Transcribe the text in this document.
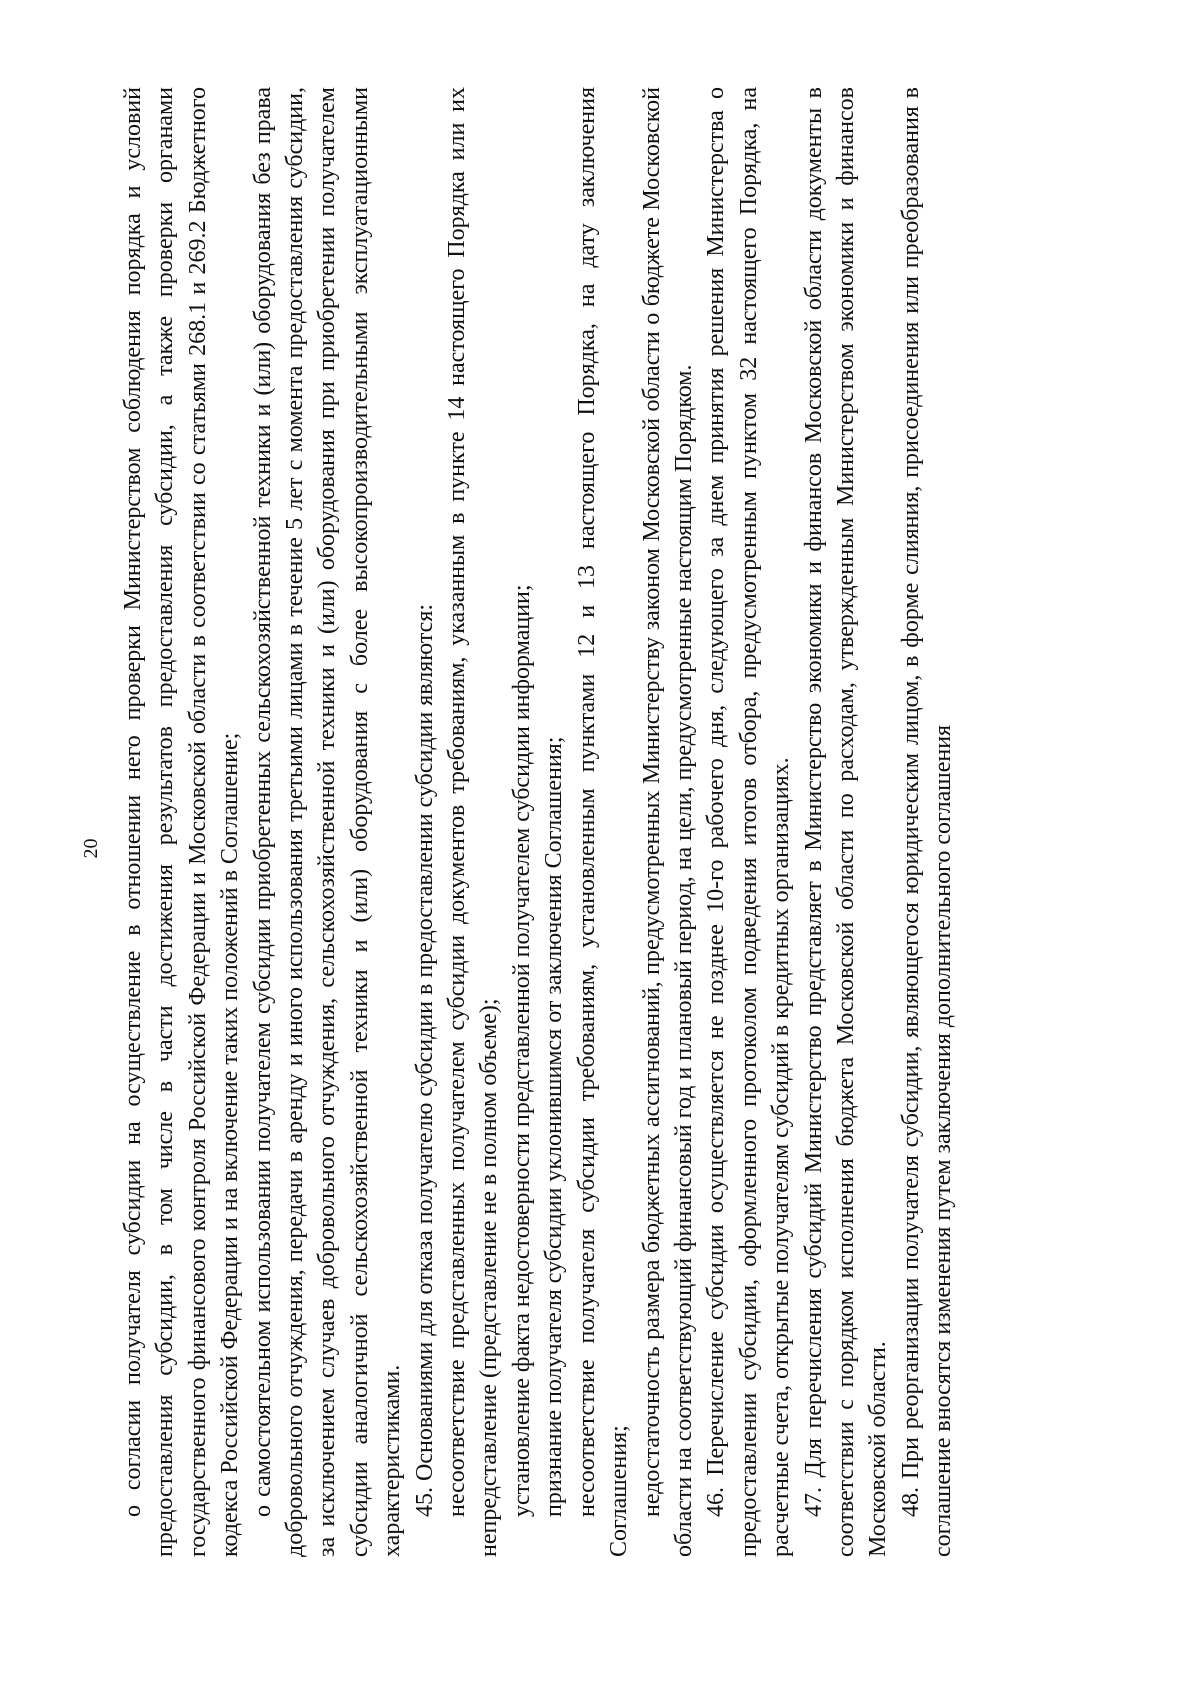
20 о согласии получателя субсидии на осуществление в отношении него проверки Министерством соблюдения порядка и условий предоставления субсидии, в том числе в части достижения результатов предоставления субсидии, а также проверки органами государственного финансового контроля Российской Федерации и Московской области в соответствии со статьями 268.1 и 269.2 Бюджетного кодекса Российской Федерации и на включение таких положений в Соглашение; о самостоятельном использовании получателем субсидии приобретенных сельскохозяйственной техники и (или) оборудования без права добровольного отчуждения, передачи в аренду и иного использования третьими лицами в течение 5 лет с момента предоставления субсидии, за исключением случаев добровольного отчуждения, сельскохозяйственной техники и (или) оборудования при приобретении получателем субсидии аналогичной сельскохозяйственной техники и (или) оборудования с более высокопроизводительными эксплуатационными характеристиками. 45. Основаниями для отказа получателю субсидии в предоставлении субсидии являются: несоответствие представленных получателем субсидии документов требованиям, указанным в пункте 14 настоящего Порядка или их непредставление (представление не в полном объеме); установление факта недостоверности представленной получателем субсидии информации; признание получателя субсидии уклонившимся от заключения Соглашения; несоответствие получателя субсидии требованиям, установленным пунктами 12 и 13 настоящего Порядка, на дату заключения Соглашения; недостаточность размера бюджетных ассигнований, предусмотренных Министерству законом Московской области о бюджете Московской области на соответствующий финансовый год и плановый период, на цели, предусмотренные настоящим Порядком. 46. Перечисление субсидии осуществляется не позднее 10-го рабочего дня, следующего за днем принятия решения Министерства о предоставлении субсидии, оформленного протоколом подведения итогов отбора, предусмотренным пунктом 32 настоящего Порядка, на расчетные счета, открытые получателям субсидий в кредитных организациях. 47. Для перечисления субсидий Министерство представляет в Министерство экономики и финансов Московской области документы в соответствии с порядком исполнения бюджета Московской области по расходам, утвержденным Министерством экономики и финансов Московской области. 48. При реорганизации получателя субсидии, являющегося юридическим лицом, в форме слияния, присоединения или преобразования в соглашение вносятся изменения путем заключения дополнительного соглашения
